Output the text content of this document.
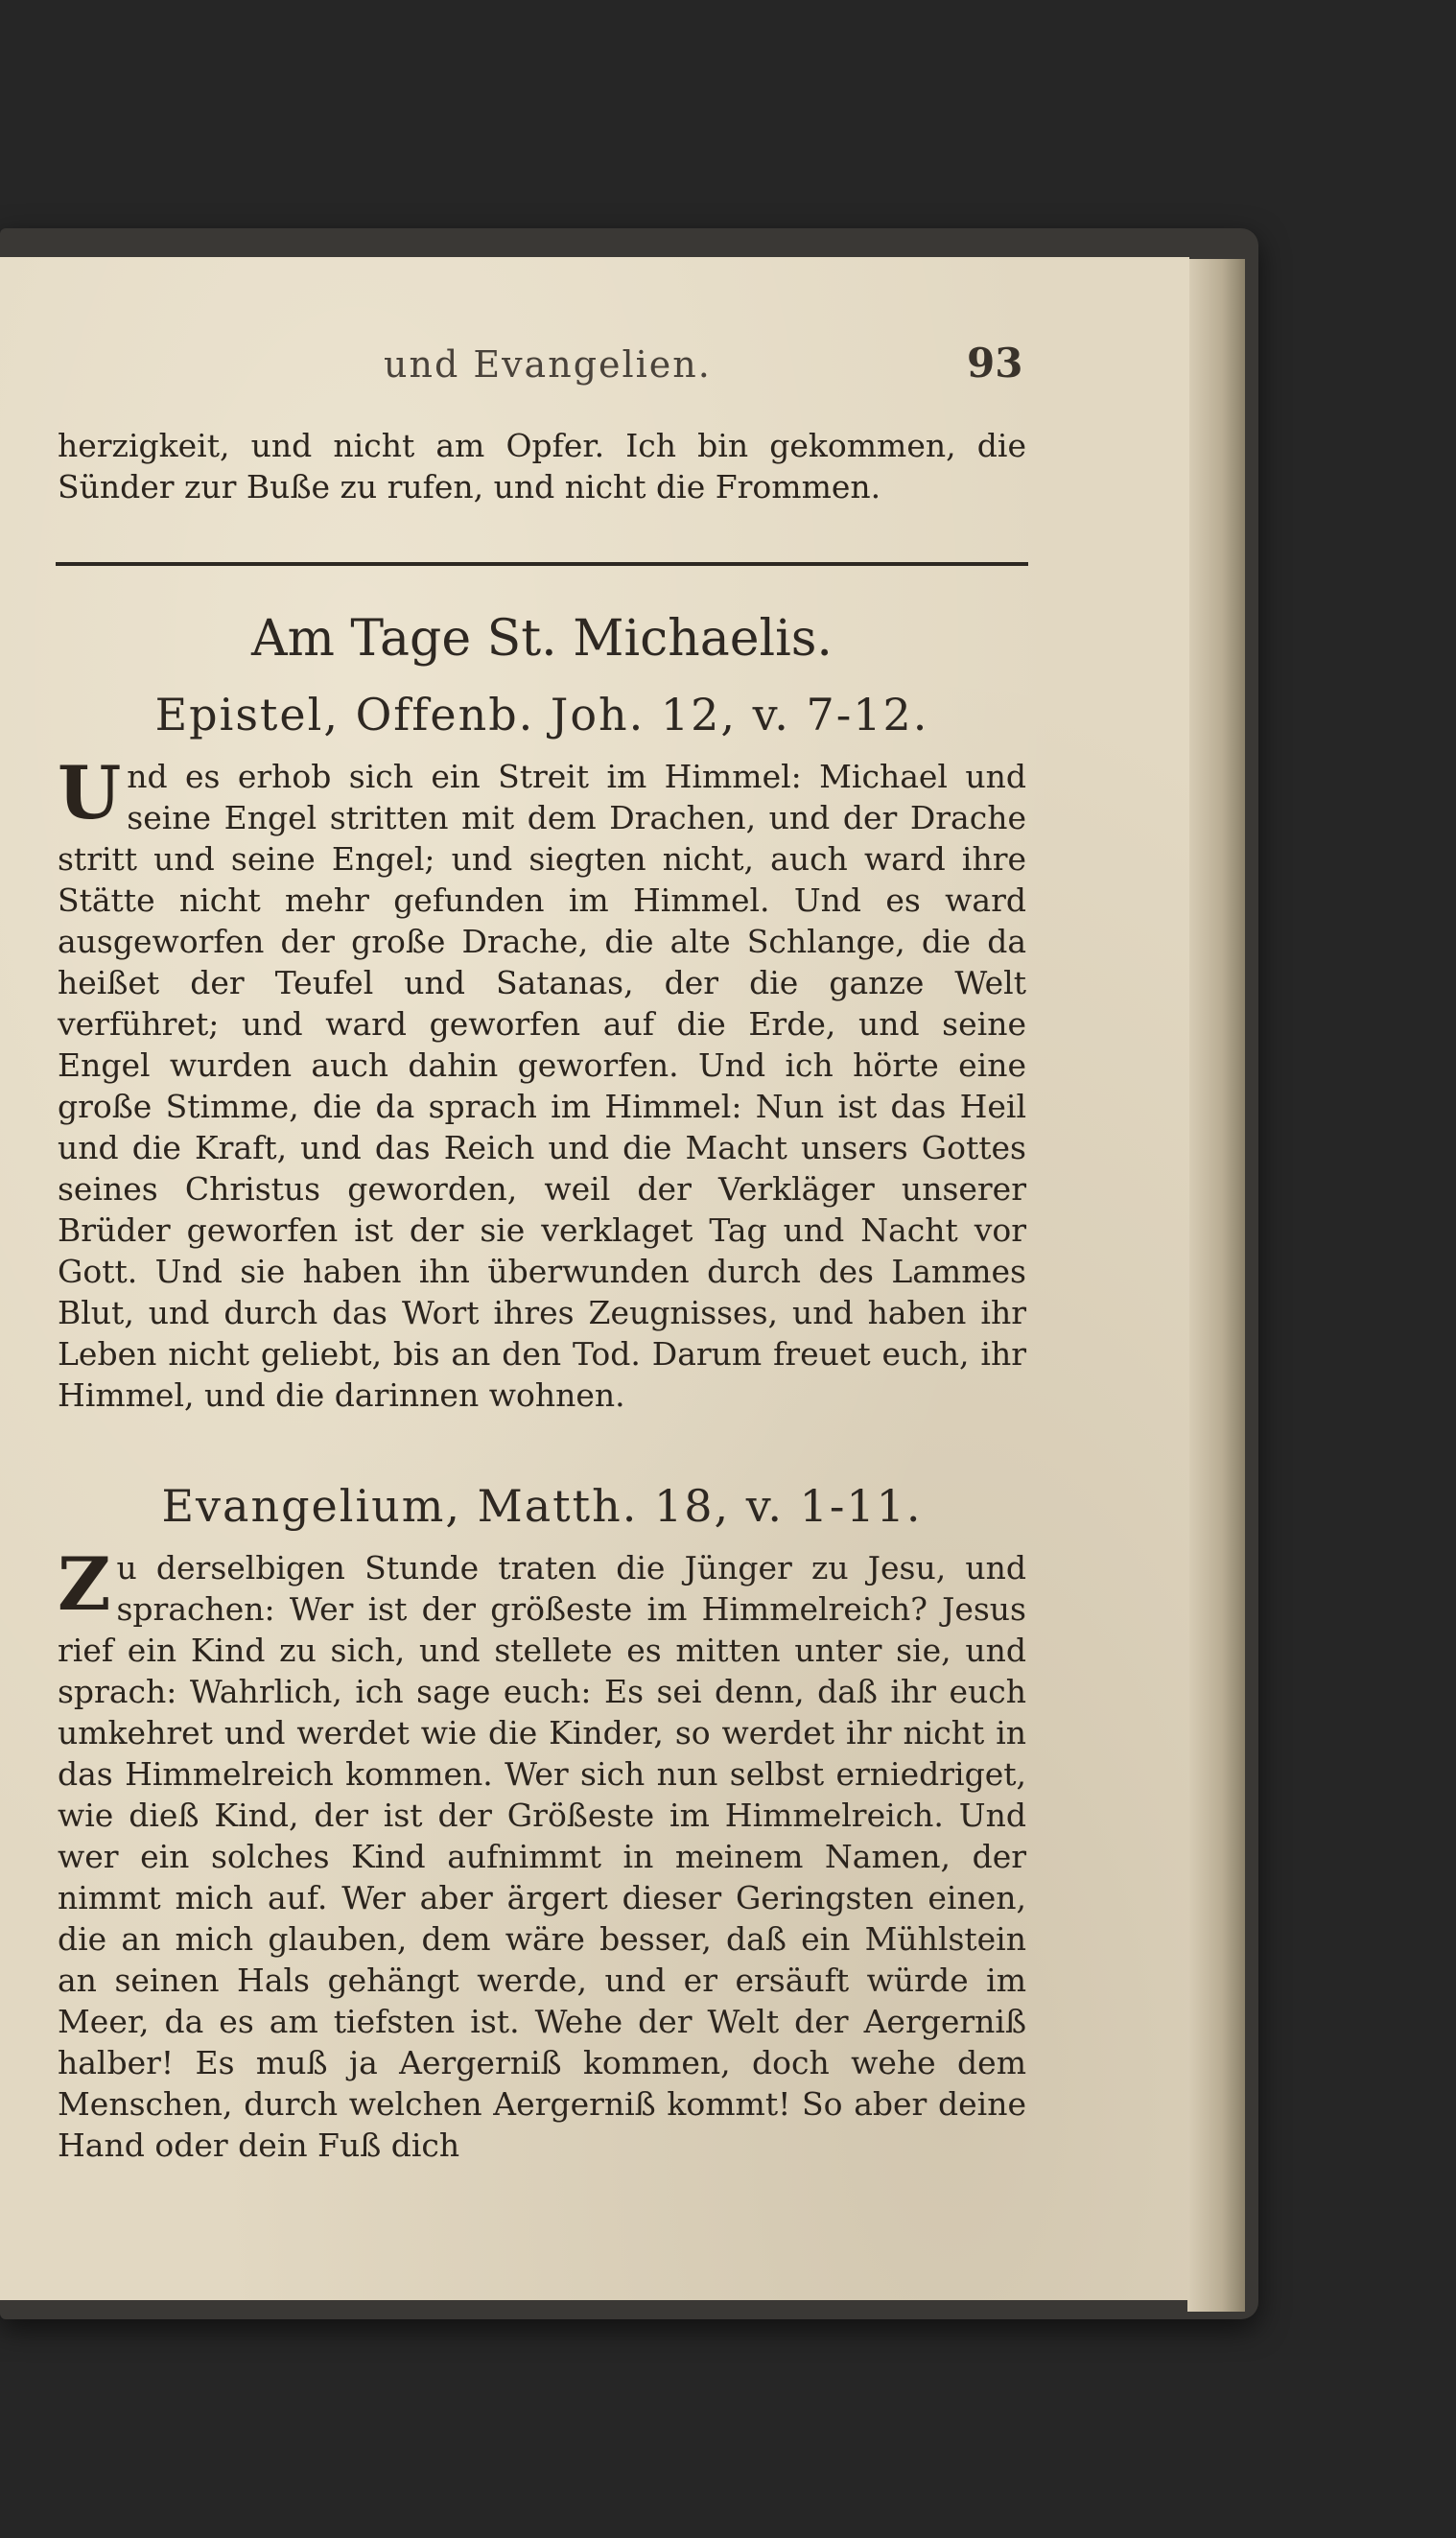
und Evangelien.	93
herzigkeit, und nicht am Opfer. Ich bin gekommen, die Sünder zur Buße zu rufen, und nicht die Frommen.
Am Tage St. Michaelis.
Epistel, Offenb. Joh. 12, v. 7-12.
Und es erhob sich ein Streit im Himmel: Michael und seine Engel stritten mit dem Drachen, und der Drache stritt und seine Engel; und siegten nicht, auch ward ihre Stätte nicht mehr gefunden im Himmel. Und es ward ausgeworfen der große Drache, die alte Schlange, die da heißet der Teufel und Satanas, der die ganze Welt verführet; und ward geworfen auf die Erde, und seine Engel wurden auch dahin geworfen. Und ich hörte eine große Stimme, die da sprach im Himmel: Nun ist das Heil und die Kraft, und das Reich und die Macht unsers Gottes seines Christus geworden, weil der Verkläger unserer Brüder geworfen ist der sie verklaget Tag und Nacht vor Gott. Und sie haben ihn überwunden durch des Lammes Blut, und durch das Wort ihres Zeugnisses, und haben ihr Leben nicht geliebt, bis an den Tod. Darum freuet euch, ihr Himmel, und die darinnen wohnen.
Evangelium, Matth. 18, v. 1-11.
Zu derselbigen Stunde traten die Jünger zu Jesu, und sprachen: Wer ist der größeste im Himmelreich? Jesus rief ein Kind zu sich, und stellete es mitten unter sie, und sprach: Wahrlich, ich sage euch: Es sei denn, daß ihr euch umkehret und werdet wie die Kinder, so werdet ihr nicht in das Himmelreich kommen. Wer sich nun selbst erniedriget, wie dieß Kind, der ist der Größeste im Himmelreich. Und wer ein solches Kind aufnimmt in meinem Namen, der nimmt mich auf. Wer aber ärgert dieser Geringsten einen, die an mich glauben, dem wäre besser, daß ein Mühlstein an seinen Hals gehängt werde, und er ersäuft würde im Meer, da es am tiefsten ist. Wehe der Welt der Aergerniß halber! Es muß ja Aergerniß kommen, doch wehe dem Menschen, durch welchen Aergerniß kommt! So aber deine Hand oder dein Fuß dich
